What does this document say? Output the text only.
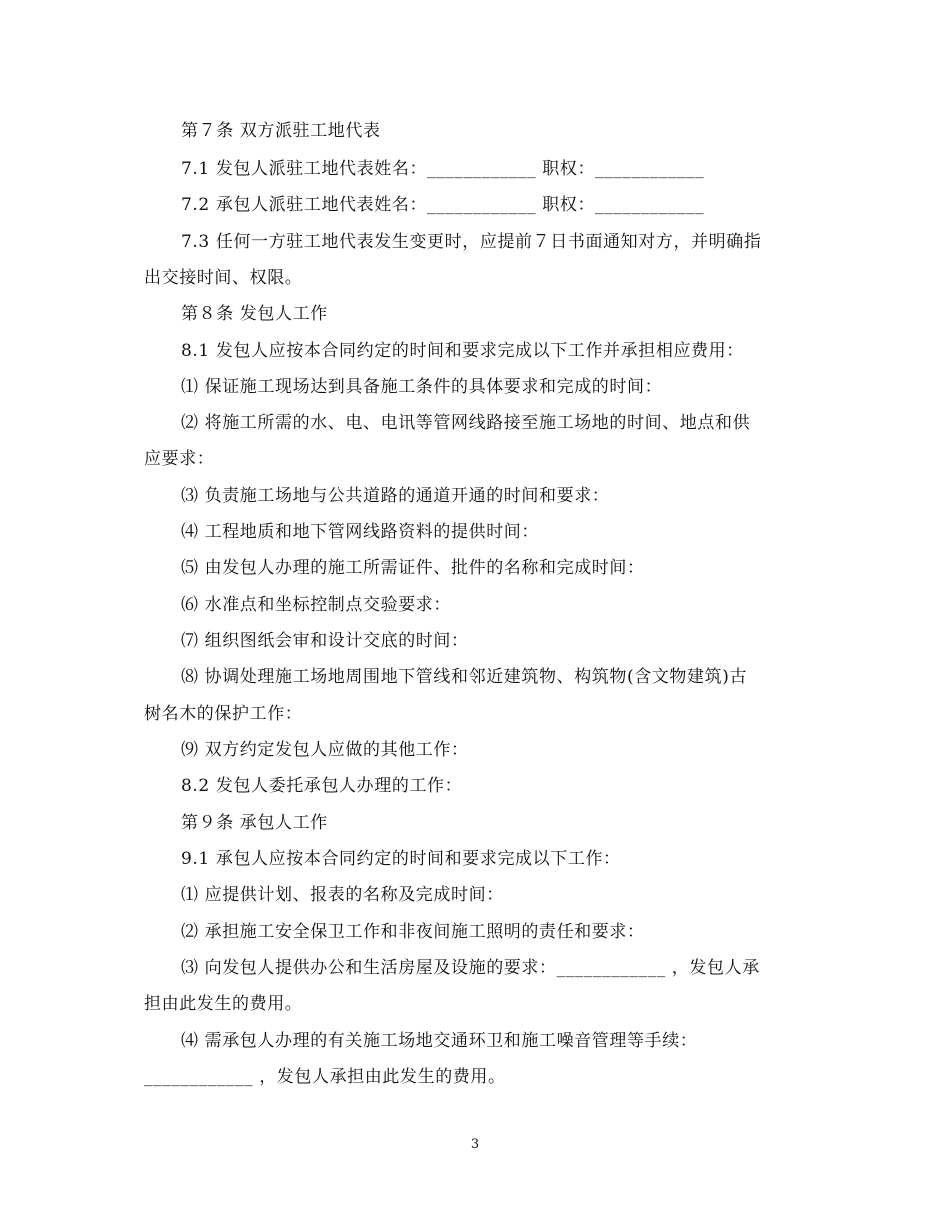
第７条 双方派驻工地代表
7.1 发包人派驻工地代表姓名：____________ 职权：____________
7.2 承包人派驻工地代表姓名：____________ 职权：____________
7.3 任何一方驻工地代表发生变更时，应提前７日书面通知对方，并明确指
出交接时间、权限。
第８条 发包人工作
8.1 发包人应按本合同约定的时间和要求完成以下工作并承担相应费用：
⑴ 保证施工现场达到具备施工条件的具体要求和完成的时间：
⑵ 将施工所需的水、电、电讯等管网线路接至施工场地的时间、地点和供
应要求：
⑶ 负责施工场地与公共道路的通道开通的时间和要求：
⑷ 工程地质和地下管网线路资料的提供时间：
⑸ 由发包人办理的施工所需证件、批件的名称和完成时间：
⑹ 水准点和坐标控制点交验要求：
⑺ 组织图纸会审和设计交底的时间：
⑻ 协调处理施工场地周围地下管线和邻近建筑物、构筑物(含文物建筑)古
树名木的保护工作：
⑼ 双方约定发包人应做的其他工作：
8.2 发包人委托承包人办理的工作：
第９条 承包人工作
9.1 承包人应按本合同约定的时间和要求完成以下工作：
⑴ 应提供计划、报表的名称及完成时间：
⑵ 承担施工安全保卫工作和非夜间施工照明的责任和要求：
⑶ 向发包人提供办公和生活房屋及设施的要求：____________ ，发包人承
担由此发生的费用。
⑷ 需承包人办理的有关施工场地交通环卫和施工噪音管理等手续：
____________ ，发包人承担由此发生的费用。
3
